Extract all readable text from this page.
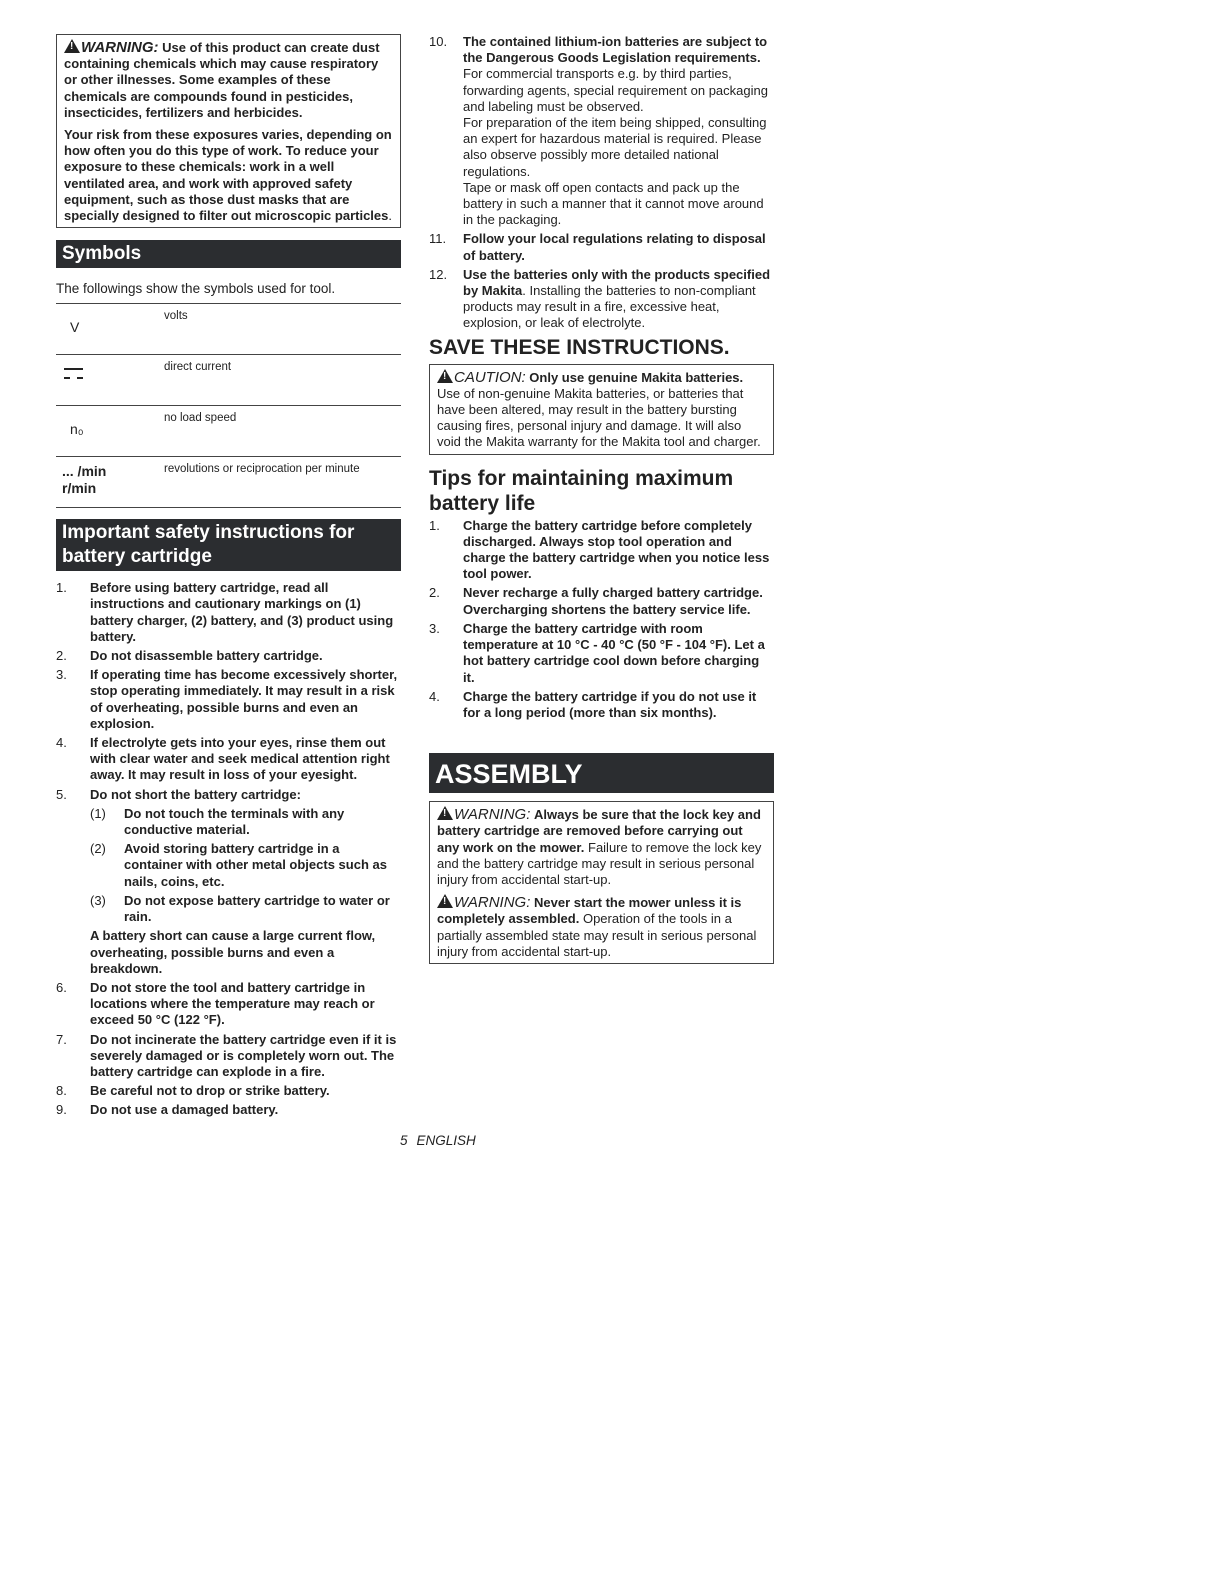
!WARNING: Use of this product can create dust containing chemicals which may cause respiratory or other illnesses. Some examples of these chemicals are compounds found in pesticides, insecticides, fertilizers and herbicides.

Your risk from these exposures varies, depending on how often you do this type of work. To reduce your exposure to these chemicals: work in a well ventilated area, and work with approved safety equipment, such as those dust masks that are specially designed to filter out microscopic particles.

Symbols
The followings show the symbols used for tool.
V	volts

	direct current

n₀	no load speed

... /min
r/min	revolutions or reciprocation per minute
Important safety instructions for battery cartridge
1. Before using battery cartridge, read all instructions and cautionary markings on (1) battery charger, (2) battery, and (3) product using battery.
2. Do not disassemble battery cartridge.
3. If operating time has become excessively shorter, stop operating immediately. It may result in a risk of overheating, possible burns and even an explosion.
4. If electrolyte gets into your eyes, rinse them out with clear water and seek medical attention right away. It may result in loss of your eyesight.
5. Do not short the battery cartridge:
(1) Do not touch the terminals with any conductive material.
(2) Avoid storing battery cartridge in a container with other metal objects such as nails, coins, etc.
(3) Do not expose battery cartridge to water or rain.
A battery short can cause a large current flow, overheating, possible burns and even a breakdown.
6. Do not store the tool and battery cartridge in locations where the temperature may reach or exceed 50 °C (122 °F).
7. Do not incinerate the battery cartridge even if it is severely damaged or is completely worn out. The battery cartridge can explode in a fire.
8. Be careful not to drop or strike battery.
9. Do not use a damaged battery.
10. The contained lithium-ion batteries are subject to the Dangerous Goods Legislation requirements.
For commercial transports e.g. by third parties, forwarding agents, special requirement on packaging and labeling must be observed.
For preparation of the item being shipped, consulting an expert for hazardous material is required. Please also observe possibly more detailed national regulations.
Tape or mask off open contacts and pack up the battery in such a manner that it cannot move around in the packaging.
11. Follow your local regulations relating to disposal of battery.
12. Use the batteries only with the products specified by Makita. Installing the batteries to non-compliant products may result in a fire, excessive heat, explosion, or leak of electrolyte.
SAVE THESE INSTRUCTIONS.

!CAUTION: Only use genuine Makita batteries. Use of non-genuine Makita batteries, or batteries that have been altered, may result in the battery bursting causing fires, personal injury and damage. It will also void the Makita warranty for the Makita tool and charger.

Tips for maintaining maximum battery life
1. Charge the battery cartridge before completely discharged. Always stop tool operation and charge the battery cartridge when you notice less tool power.
2. Never recharge a fully charged battery cartridge. Overcharging shortens the battery service life.
3. Charge the battery cartridge with room temperature at 10 °C - 40 °C (50 °F - 104 °F). Let a hot battery cartridge cool down before charging it.
4. Charge the battery cartridge if you do not use it for a long period (more than six months).
ASSEMBLY

!WARNING: Always be sure that the lock key and battery cartridge are removed before carrying out any work on the mower. Failure to remove the lock key and the battery cartridge may result in serious personal injury from accidental start-up.

!WARNING: Never start the mower unless it is completely assembled. Operation of the tools in a partially assembled state may result in serious personal injury from accidental start-up.

5 ENGLISH
